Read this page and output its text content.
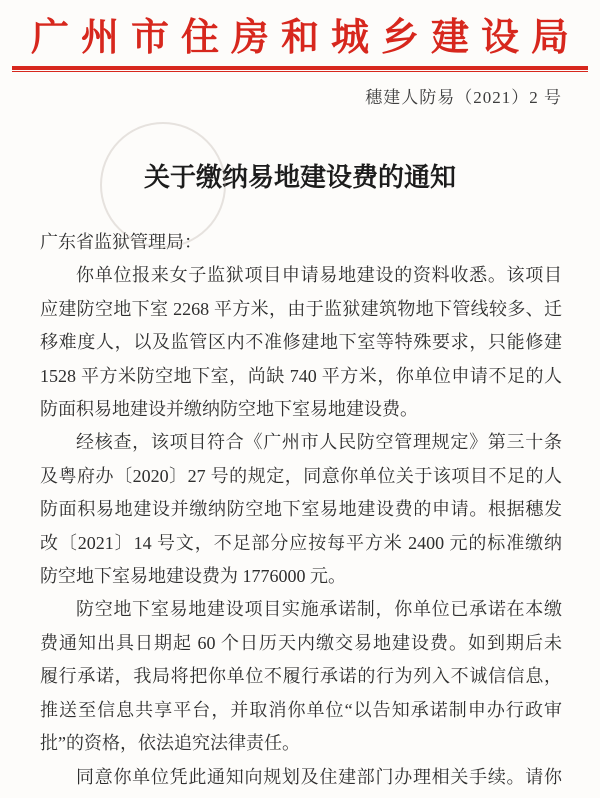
广州市住房和城乡建设局
穗建人防易（2021）2 号
关于缴纳易地建设费的通知
广东省监狱管理局：
你单位报来女子监狱项目申请易地建设的资料收悉。该项目
应建防空地下室 2268 平方米，由于监狱建筑物地下管线较多、迁
移难度人，以及监管区内不准修建地下室等特殊要求，只能修建
1528 平方米防空地下室，尚缺 740 平方米，你单位申请不足的人
防面积易地建设并缴纳防空地下室易地建设费。
经核查，该项目符合《广州市人民防空管理规定》第三十条
及粤府办〔2020〕27 号的规定，同意你单位关于该项目不足的人
防面积易地建设并缴纳防空地下室易地建设费的申请。根据穗发
改〔2021〕14 号文，不足部分应按每平方米 2400 元的标准缴纳
防空地下室易地建设费为 1776000 元。
防空地下室易地建设项目实施承诺制，你单位已承诺在本缴
费通知出具日期起 60 个日历天内缴交易地建设费。如到期后未
履行承诺，我局将把你单位不履行承诺的行为列入不诚信信息，
推送至信息共享平台，并取消你单位“以告知承诺制申办行政审
批”的资格，依法追究法律责任。
同意你单位凭此通知向规划及住建部门办理相关手续。请你
